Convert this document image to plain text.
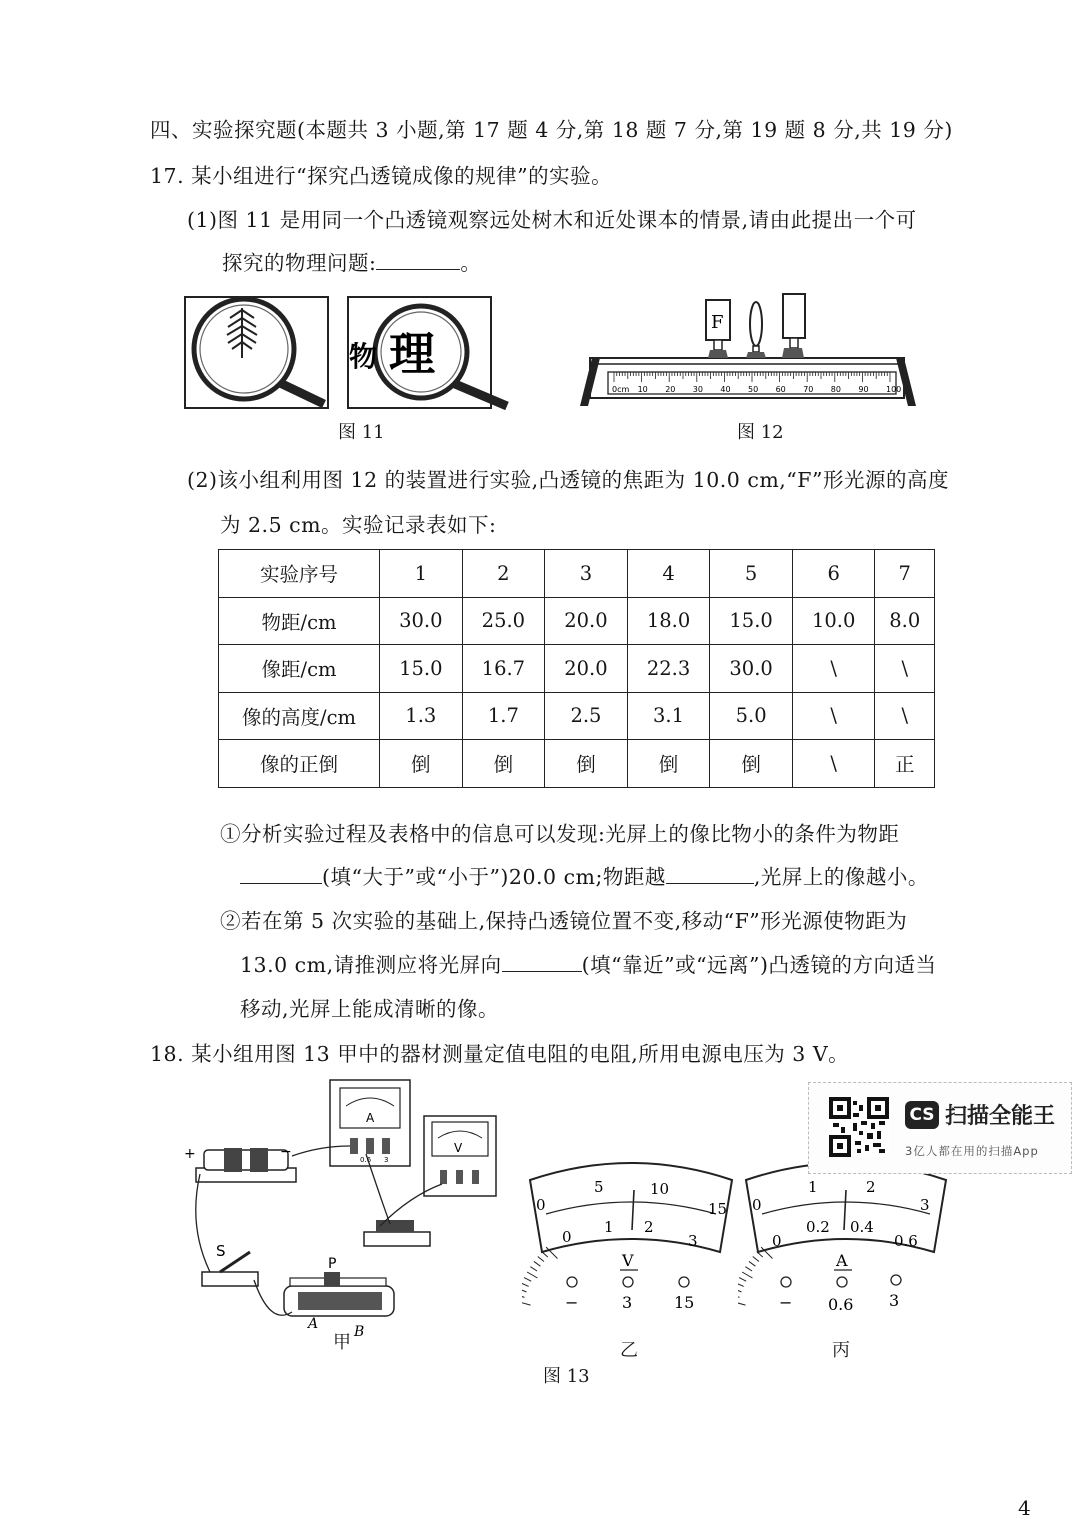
四、实验探究题(本题共 3 小题,第 17 题 4 分,第 18 题 7 分,第 19 题 8 分,共 19 分)
17. 某小组进行“探究凸透镜成像的规律”的实验。
(1)图 11 是用同一个凸透镜观察远处树木和近处课本的情景,请由此提出一个可
探究的物理问题:	。
物 理
图 11
0cm 10 20 30 40 50 60 70 80 90 100
F
图 12
(2)该小组利用图 12 的装置进行实验,凸透镜的焦距为 10.0 cm,“F”形光源的高度
为 2.5 cm。实验记录表如下:
实验序号	1	2	3	4	5	6	7
物距/cm	30.0	25.0	20.0	18.0	15.0	10.0	8.0
像距/cm	15.0	16.7	20.0	22.3	30.0	\	\
像的高度/cm	1.3	1.7	2.5	3.1	5.0	\	\
像的正倒	倒	倒	倒	倒	倒	\	正
①分析实验过程及表格中的信息可以发现:光屏上的像比物小的条件为物距
(填“大于”或“小于”)20.0 cm;物距越	,光屏上的像越小。
②若在第 5 次实验的基础上,保持凸透镜位置不变,移动“F”形光源使物距为
13.0 cm,请推测应将光屏向	(填“靠近”或“远离”)凸透镜的方向适当
移动,光屏上能成清晰的像。
18. 某小组用图 13 甲中的器材测量定值电阻的电阻,所用电源电压为 3 V。
+	−
A
0.6 3
V
S
P
A	B
甲
0
5	10
15
0
1 2
3
V
−	3	15
乙
0
1	2
3
0
0.2 0.4
0.6
A
− 0.6 3
丙
图 13
CS 扫描全能王
3亿人都在用的扫描App
4
